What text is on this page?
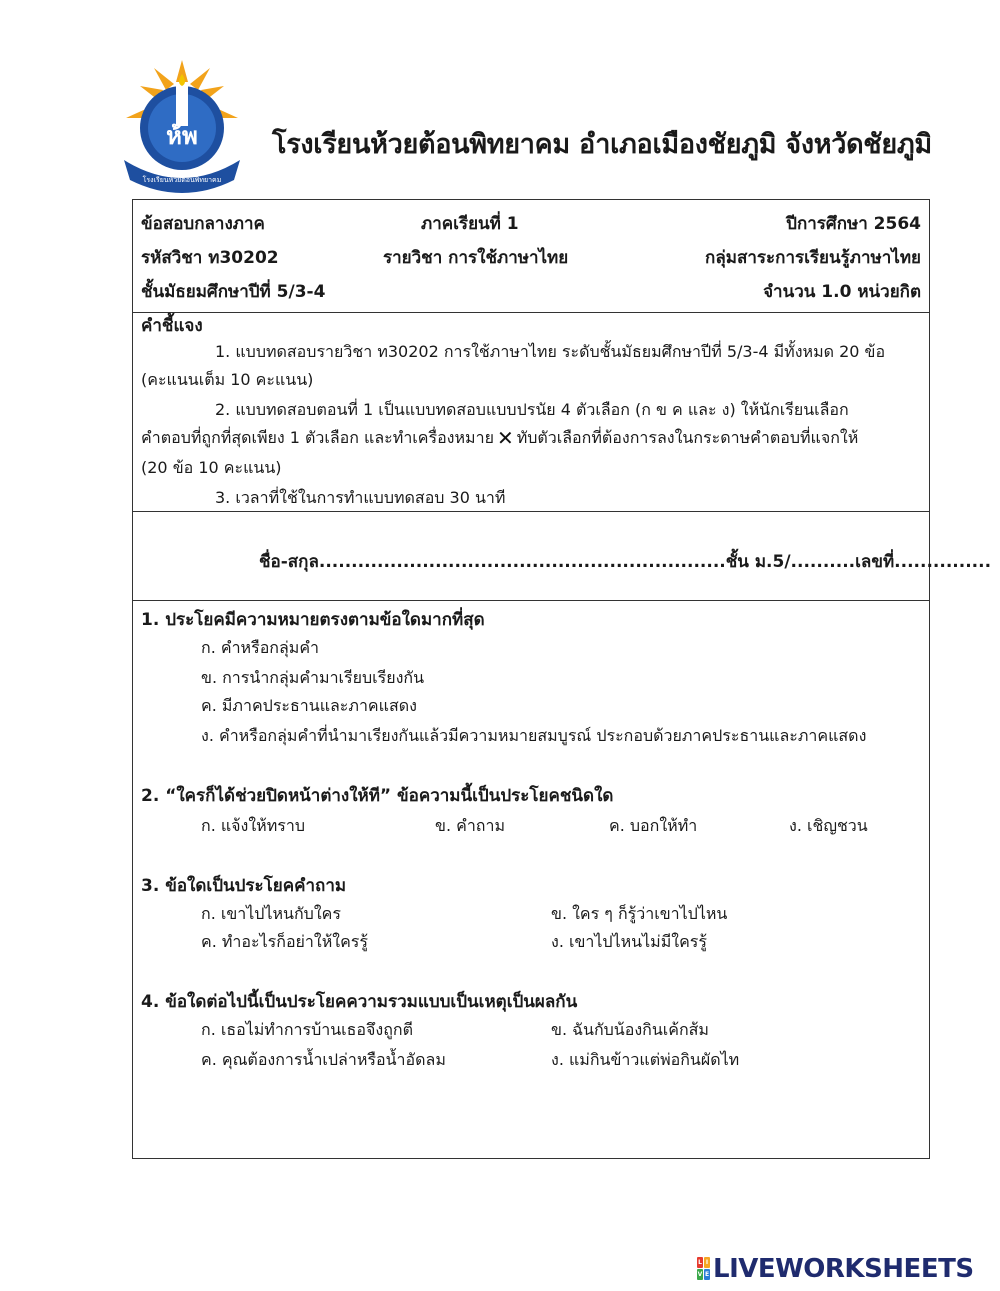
ห้พ
โรงเรียนห้วยต้อนพิทยาคม
โรงเรียนห้วยต้อนพิทยาคม อำเภอเมืองชัยภูมิ จังหวัดชัยภูมิ
ข้อสอบกลางภาค	ภาคเรียนที่ 1	ปีการศึกษา 2564
รหัสวิชา ท30202	รายวิชา การใช้ภาษาไทย	กลุ่มสาระการเรียนรู้ภาษาไทย
ชั้นมัธยมศึกษาปีที่ 5/3-4	จำนวน 1.0 หน่วยกิต
คำชี้แจง
1. แบบทดสอบรายวิชา ท30202 การใช้ภาษาไทย ระดับชั้นมัธยมศึกษาปีที่ 5/3-4 มีทั้งหมด 20 ข้อ
(คะแนนเต็ม 10 คะแนน)
2. แบบทดสอบตอนที่ 1 เป็นแบบทดสอบแบบปรนัย 4 ตัวเลือก (ก ข ค และ ง) ให้นักเรียนเลือก
คำตอบที่ถูกที่สุดเพียง 1 ตัวเลือก และทำเครื่องหมาย ✕ ทับตัวเลือกที่ต้องการลงในกระดาษคำตอบที่แจกให้
(20 ข้อ 10 คะแนน)
3. เวลาที่ใช้ในการทำแบบทดสอบ 30 นาที
ชื่อ-สกุล...............................................................ชั้น ม.5/..........เลขที่...............
1. ประโยคมีความหมายตรงตามข้อใดมากที่สุด
ก. คำหรือกลุ่มคำ
ข. การนำกลุ่มคำมาเรียบเรียงกัน
ค. มีภาคประธานและภาคแสดง
ง. คำหรือกลุ่มคำที่นำมาเรียงกันแล้วมีความหมายสมบูรณ์ ประกอบด้วยภาคประธานและภาคแสดง
2. “ใครก็ได้ช่วยปิดหน้าต่างให้ที” ข้อความนี้เป็นประโยคชนิดใด
ก. แจ้งให้ทราบ	ข. คำถาม	ค. บอกให้ทำ	ง. เชิญชวน
3. ข้อใดเป็นประโยคคำถาม
ก. เขาไปไหนกับใคร	ข. ใคร ๆ ก็รู้ว่าเขาไปไหน
ค. ทำอะไรก็อย่าให้ใครรู้	ง. เขาไปไหนไม่มีใครรู้
4. ข้อใดต่อไปนี้เป็นประโยคความรวมแบบเป็นเหตุเป็นผลกัน
ก. เธอไม่ทำการบ้านเธอจึงถูกตี	ข. ฉันกับน้องกินเค้กส้ม
ค. คุณต้องการน้ำเปล่าหรือน้ำอัดลม	ง. แม่กินข้าวแต่พ่อกินผัดไท
L I
V E LIVEWORKSHEETS
